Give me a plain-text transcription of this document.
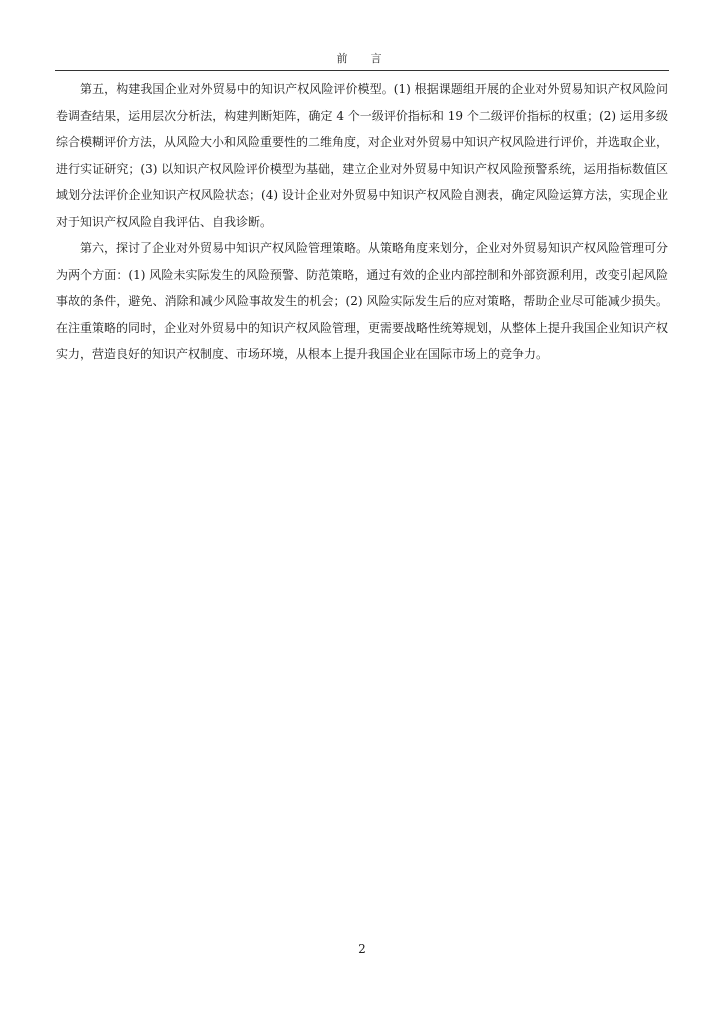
前　言

第五，构建我国企业对外贸易中的知识产权风险评价模型。(1) 根据课题组开展的企业对外贸易知识产权风险问卷调查结果，运用层次分析法，构建判断矩阵，确定 4 个一级评价指标和 19 个二级评价指标的权重；(2) 运用多级综合模糊评价方法，从风险大小和风险重要性的二维角度，对企业对外贸易中知识产权风险进行评价，并选取企业，进行实证研究；(3) 以知识产权风险评价模型为基础，建立企业对外贸易中知识产权风险预警系统，运用指标数值区域划分法评价企业知识产权风险状态；(4) 设计企业对外贸易中知识产权风险自测表，确定风险运算方法，实现企业对于知识产权风险自我评估、自我诊断。

第六，探讨了企业对外贸易中知识产权风险管理策略。从策略角度来划分，企业对外贸易知识产权风险管理可分为两个方面：(1) 风险未实际发生的风险预警、防范策略，通过有效的企业内部控制和外部资源利用，改变引起风险事故的条件，避免、消除和减少风险事故发生的机会；(2) 风险实际发生后的应对策略，帮助企业尽可能减少损失。在注重策略的同时，企业对外贸易中的知识产权风险管理，更需要战略性统筹规划，从整体上提升我国企业知识产权实力，营造良好的知识产权制度、市场环境，从根本上提升我国企业在国际市场上的竞争力。

2
